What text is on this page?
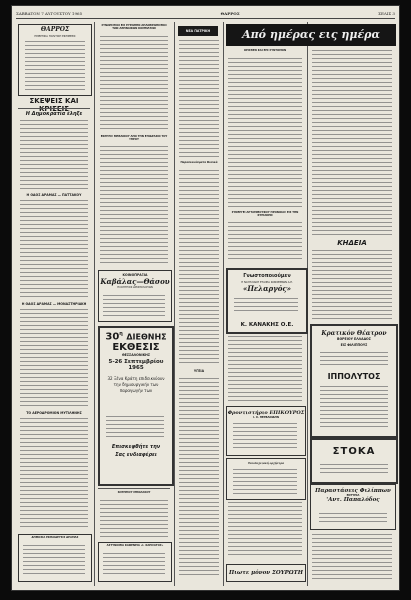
ΣΑΒΒΑΤΟΝ 7 ΑΥΓΟΥΣΤΟΥ 1965	ΘΑΡΡΟΣ	ΣΕΛΙΣ 3
ΘΑΡΡΟΣ
ΗΜΕΡΗΣΙΑ ΠΟΛΙΤΙΚΗ ΕΦΗΜΕΡΙΣ
ΣΚΕΨΕΙΣ ΚΑΙ
Η Δημοκρατία έληξε
Η ΟΔΟΣ ΔΡΑΜΑΣ — ΠΑΤΤΑΚΟΥ
Η ΟΔΟΣ ΔΡΑΜΑΣ — ΜΟΝΑΣΤΗΡΙΑΚΗ
ΤΟ ΑΕΡΟΔΡΟΜΙΟΝ ΜΥΤΙΛΗΝΗΣ
ΔΗΜΟΣΙΑ ΕΚΠΑΙΔΕΥΣΙΣ ΔΡΑΜΑΣ
ΣΥΝΩΡΙΣΜΟΙ ΕΙΣ ΕΥΡΩΠΗΝ ΑΠΑΝΘΡΩΠΙΣΜΟΙ ΤΩΝ ΑΘΗΝΑΙΚΩΝ ΚΟΜΜΑΤΩΝ
ΕΚΡΗΞΙΣ ΜΕΘΑΝΙΟΥ ΑΠΟ ΤΗΝ ΕΠΙΔΡΑΣΙΝ ΤΟΥ ΞΗΡΟΥ
ΚΟΙΝΟΠΡΑΞΙΑ
Καβάλας—Θάσου
ΠΛΟΗΓΗΣΙΣ ΔΡΟΜΟΛΟΓΙΩΝ
$30^\eta$ ΔΙΕΘΝΗΣ
ΕΚΘΕΣΙΣ
ΘΕΣΣΑΛΟΝΙΚΗΣ
5-26 Σεπτεμβρίου 1965
32 Ξένα Κράτη επιδεικνύουν την δημιουργικήν των παραγωγήν των
Επισκεφθήτε την
Σας ενδιαφέρει
ΣΩΤΗΡΙΟΥ ΜΠΟΛΑΚΟΥ
ΑΣΤΥΝΟΜΙΑ ΚΑΦΕΝΕΙΑ «Ι. ΧΑΡΙΣΑΤΟΣ»
ΝΕΑ ΠΑΤΡΙΚΗ
Παρασκευάσματα Φυσικά
ΥΓΕΙΑ
Από ημέρας εις ημέρα
ΟΡΙΣΘΕΝ ΚΑΙ ΕΠΙ ΣΥΝΤΟΜΟΝ
ΣΥΝΕΡΓΕΙ ΑΡΤΑΜΜΟΥΦΟΥ ΠΡΟΝΟΙΑΣ ΕΙΣ ΤΗΝ ΚΥΡΙΑΚΗΝ
Γνωστοποιούμεν
Η ΝΑΥΠΛΙΑΚΗ ΕΤΑΙΡΙΑ ΚΟΝΣΕΡΒΩΝ Α.Ε.
«Πελαργός»
Κ. ΚΑΝΑΚΗΣ Ο.Ε.
Φροντιστήριο ΕΠΙΚΟΥΡΟΣ
Ι. Χ. ΠΕΡΒΑΝΙΔΗΝ
Ξενοδοχειακή ορχήστρα
Πιωτε μόνον ΣΟΥΡΩΤΗ
ΚΗΔΕΙΑ
Κρατικόν Θέατρον
ΒΟΡΕΙΟΥ ΕΛΛΑΔΟΣ
ΕΙΣ ΦΙΛΙΠΠΟΥΣ
ΙΠΠΟΛΥΤΟΣ
ΣΤΟΚΑ
Παραστάσεις Φιλίππων
ΕΝΤΥΠΙΑ
'Αντ. Παπαλόδος
